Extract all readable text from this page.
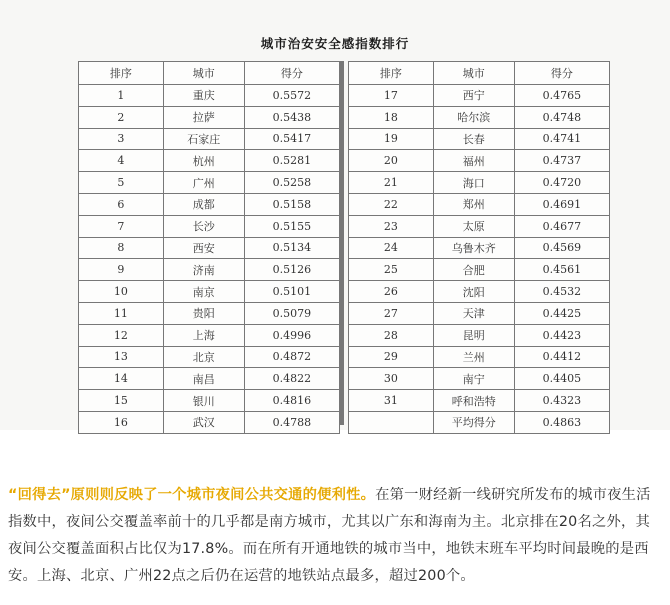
城市治安安全感指数排行
排序	城市	得分
1	重庆	0.5572
2	拉萨	0.5438
3	石家庄	0.5417
4	杭州	0.5281
5	广州	0.5258
6	成都	0.5158
7	长沙	0.5155
8	西安	0.5134
9	济南	0.5126
10	南京	0.5101
11	贵阳	0.5079
12	上海	0.4996
13	北京	0.4872
14	南昌	0.4822
15	银川	0.4816
16	武汉	0.4788
排序	城市	得分
17	西宁	0.4765
18	哈尔滨	0.4748
19	长春	0.4741
20	福州	0.4737
21	海口	0.4720
22	郑州	0.4691
23	太原	0.4677
24	乌鲁木齐	0.4569
25	合肥	0.4561
26	沈阳	0.4532
27	天津	0.4425
28	昆明	0.4423
29	兰州	0.4412
30	南宁	0.4405
31	呼和浩特	0.4323
	平均得分	0.4863
“回得去”原则则反映了一个城市夜间公共交通的便利性。在第一财经新一线研究所发布的城市夜生活指数中，夜间公交覆盖率前十的几乎都是南方城市，尤其以广东和海南为主。北京排在20名之外，其夜间公交覆盖面积占比仅为17.8%。而在所有开通地铁的城市当中，地铁末班车平均时间最晚的是西安。上海、北京、广州22点之后仍在运营的地铁站点最多，超过200个。
